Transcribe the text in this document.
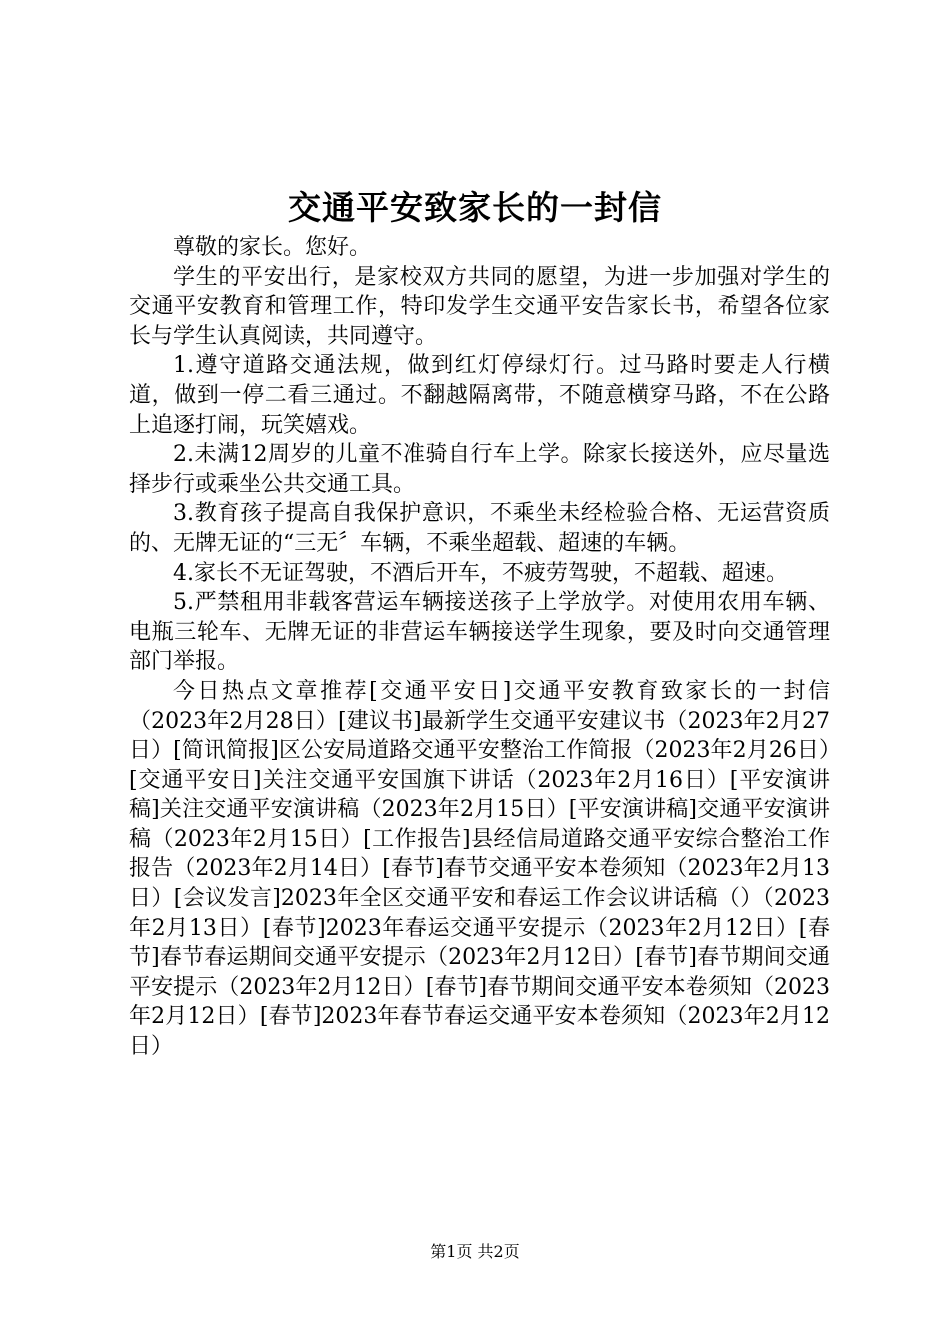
交通平安致家长的一封信

尊敬的家长。您好。

学生的平安出行，是家校双方共同的愿望，为进一步加强对学生的交通平安教育和管理工作，特印发学生交通平安告家长书，希望各位家长与学生认真阅读，共同遵守。

1.遵守道路交通法规，做到红灯停绿灯行。过马路时要走人行横道，做到一停二看三通过。不翻越隔离带，不随意横穿马路，不在公路上追逐打闹，玩笑嬉戏。

2.未满12周岁的儿童不准骑自行车上学。除家长接送外，应尽量选择步行或乘坐公共交通工具。

3.教育孩子提高自我保护意识，不乘坐未经检验合格、无运营资质的、无牌无证的“三无〞车辆，不乘坐超载、超速的车辆。

4.家长不无证驾驶，不酒后开车，不疲劳驾驶，不超载、超速。

5.严禁租用非载客营运车辆接送孩子上学放学。对使用农用车辆、电瓶三轮车、无牌无证的非营运车辆接送学生现象，要及时向交通管理部门举报。

今日热点文章推荐[交通平安日]交通平安教育致家长的一封信（2023年2月28日）[建议书]最新学生交通平安建议书（2023年2月27日）[简讯简报]区公安局道路交通平安整治工作简报（2023年2月26日）[交通平安日]关注交通平安国旗下讲话（2023年2月16日）[平安演讲稿]关注交通平安演讲稿（2023年2月15日）[平安演讲稿]交通平安演讲稿（2023年2月15日）[工作报告]县经信局道路交通平安综合整治工作报告（2023年2月14日）[春节]春节交通平安本卷须知（2023年2月13日）[会议发言]2023年全区交通平安和春运工作会议讲话稿（）（2023年2月13日）[春节]2023年春运交通平安提示（2023年2月12日）[春节]春节春运期间交通平安提示（2023年2月12日）[春节]春节期间交通平安提示（2023年2月12日）[春节]春节期间交通平安本卷须知（2023年2月12日）[春节]2023年春节春运交通平安本卷须知（2023年2月12日）

第1页 共2页
